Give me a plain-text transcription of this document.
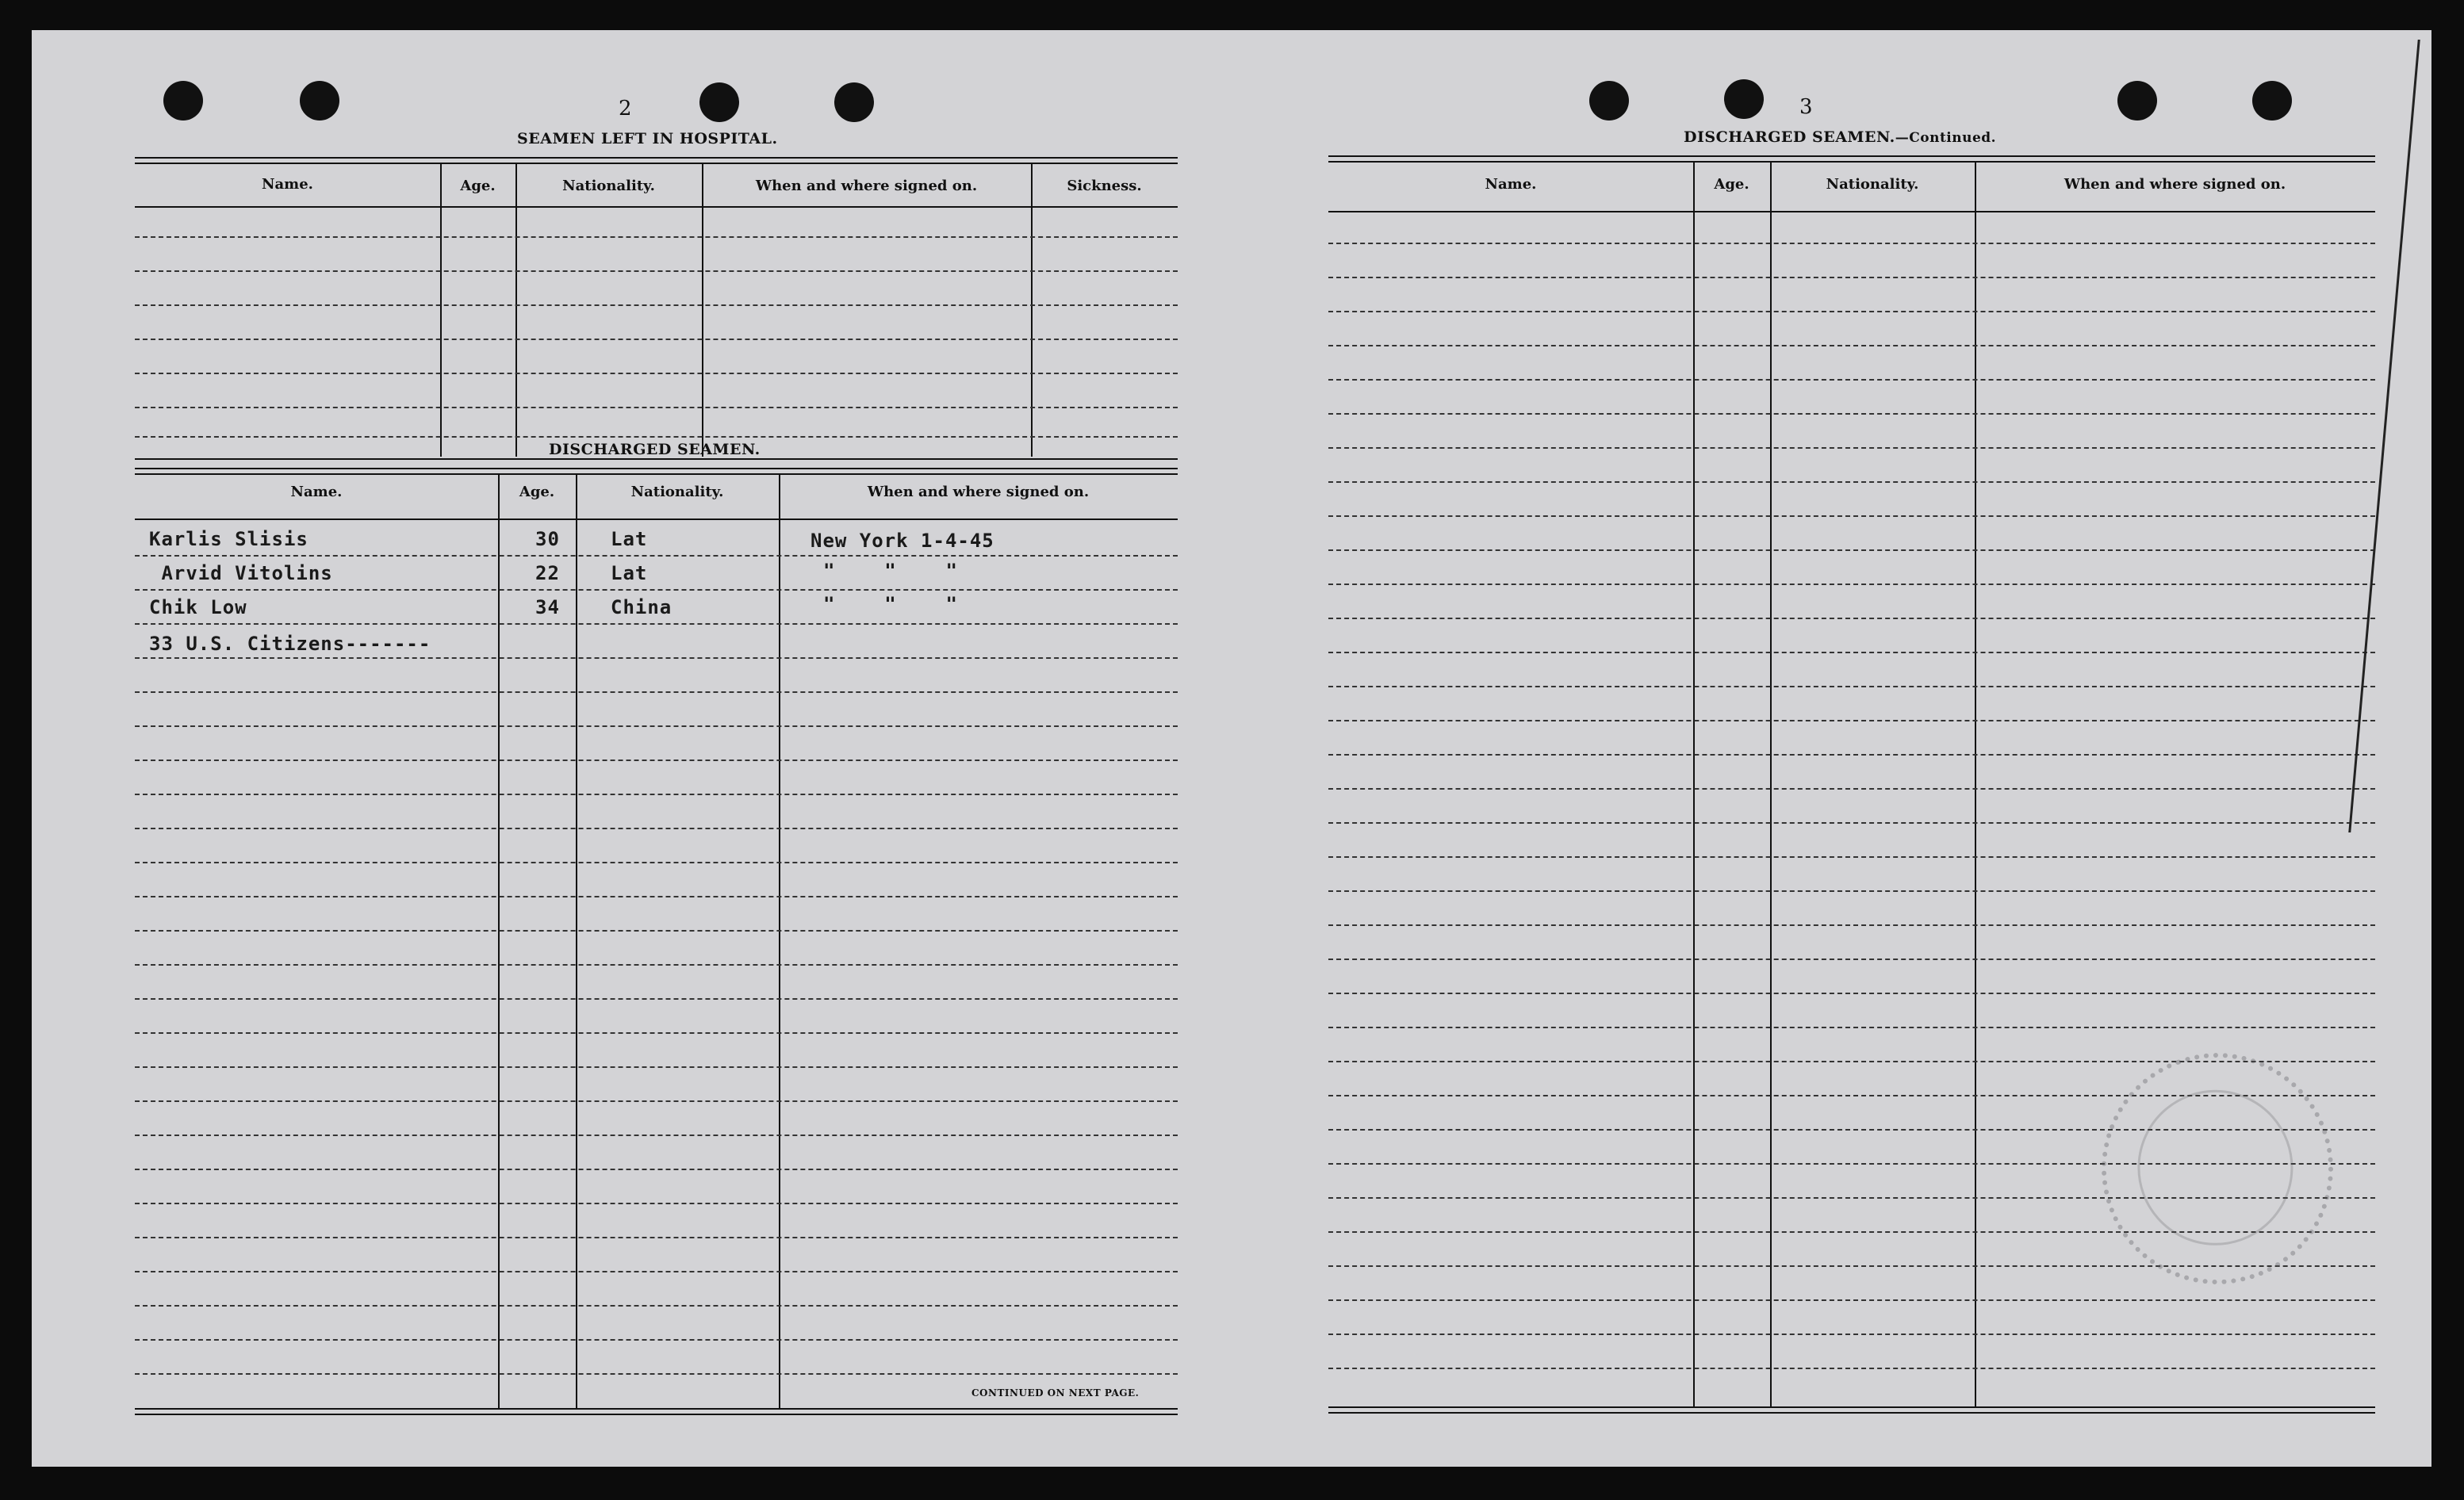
2
SEAMEN LEFT IN HOSPITAL.
Name.	Age.	Nationality.	When and where signed on.	Sickness.
DISCHARGED SEAMEN.
Name.	Age.	Nationality.	When and where signed on.
Karlis Slisis	30	Lat	New York 1-4-45
Arvid Vitolins	22	Lat	"    "    "
Chik Low	34	China	"    "    "
33 U.S. Citizens-------
CONTINUED ON NEXT PAGE.
3
DISCHARGED SEAMEN.—Continued.
Name.	Age.	Nationality.	When and where signed on.
